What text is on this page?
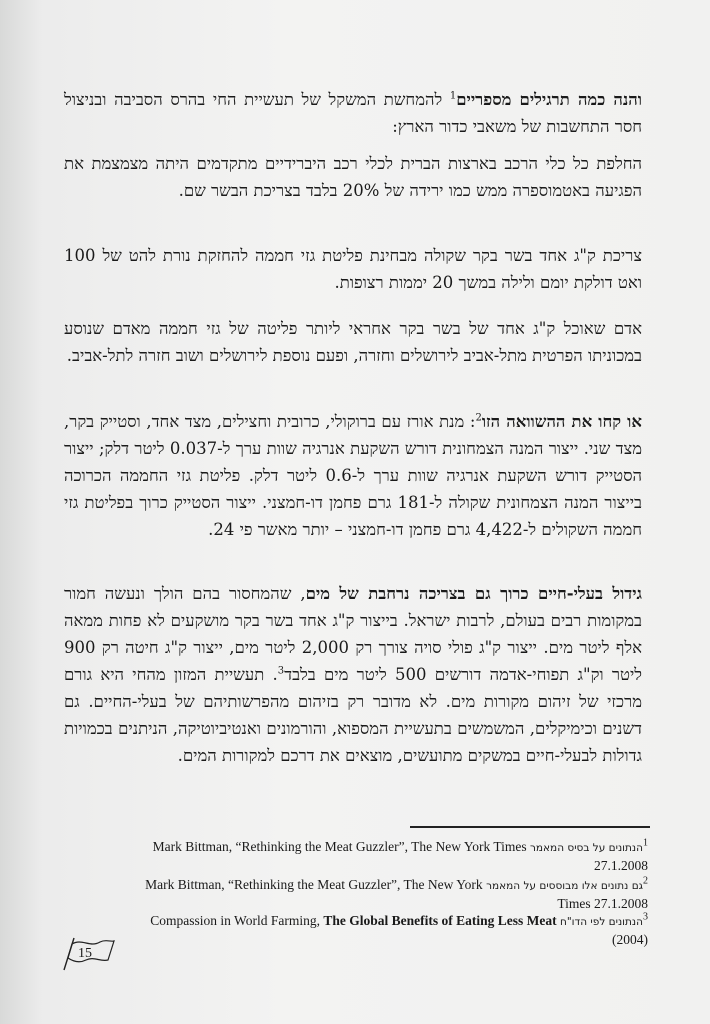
והנה כמה תרגילים מספריים$^1$ להמחשת המשקל של תעשיית החי בהרס הסביבה ובניצול חסר התחשבות של משאבי כדור הארץ:
החלפת כל כלי הרכב בארצות הברית לכלי רכב היברידיים מתקדמים היתה מצמצמת את הפגיעה באטמוספרה ממש כמו ירידה של 20% בלבד בצריכת הבשר שם.
צריכת ק"ג אחד בשר בקר שקולה מבחינת פליטת גזי חממה להחזקת נורת להט של 100 ואט דולקת יומם ולילה במשך 20 יממות רצופות.
אדם שאוכל ק"ג אחד של בשר בקר אחראי ליותר פליטה של גזי חממה מאדם שנוסע במכוניתו הפרטית מתל-אביב לירושלים וחזרה, ופעם נוספת לירושלים ושוב חזרה לתל-אביב.
או קחו את ההשוואה הזו$^2$: מנת אורז עם ברוקולי, כרובית וחצילים, מצד אחד, וסטייק בקר, מצד שני. ייצור המנה הצמחונית דורש השקעת אנרגיה שוות ערך ל-0.037 ליטר דלק; ייצור הסטייק דורש השקעת אנרגיה שוות ערך ל-0.6 ליטר דלק. פליטת גזי החממה הכרוכה בייצור המנה הצמחונית שקולה ל-181 גרם פחמן דו-חמצני. ייצור הסטייק כרוך בפליטת גזי חממה השקולים ל-4,422 גרם פחמן דו-חמצני – יותר מאשר פי 24.
גידול בעלי-חיים כרוך גם בצריכה נרחבת של מים, שהמחסור בהם הולך ונעשה חמור במקומות רבים בעולם, לרבות ישראל. בייצור ק"ג אחד בשר בקר מושקעים לא פחות ממאה אלף ליטר מים. ייצור ק"ג פולי סויה צורך רק 2,000 ליטר מים, ייצור ק"ג חיטה רק 900 ליטר וק"ג תפוחי-אדמה דורשים 500 ליטר מים בלבד$^3$. תעשיית המזון מהחי היא גורם מרכזי של זיהום מקורות מים. לא מדובר רק בזיהום מהפרשותיהם של בעלי-החיים. גם דשנים וכימיקלים, המשמשים בתעשיית המספוא, והורמונים ואנטיביוטיקה, הניתנים בכמויות גדולות לבעלי-חיים במשקים מתועשים, מוצאים את דרכם למקורות המים.
$^1$הנתונים על בסיס המאמר Mark Bittman, “Rethinking the Meat Guzzler”, The New York Times
27.1.2008
$^2$גם נתונים אלו מבוססים על המאמר Mark Bittman, “Rethinking the Meat Guzzler”, The New York
Times 27.1.2008
$^3$הנתונים לפי הדו"ח Compassion in World Farming, The Global Benefits of Eating Less Meat
(2004)
15
